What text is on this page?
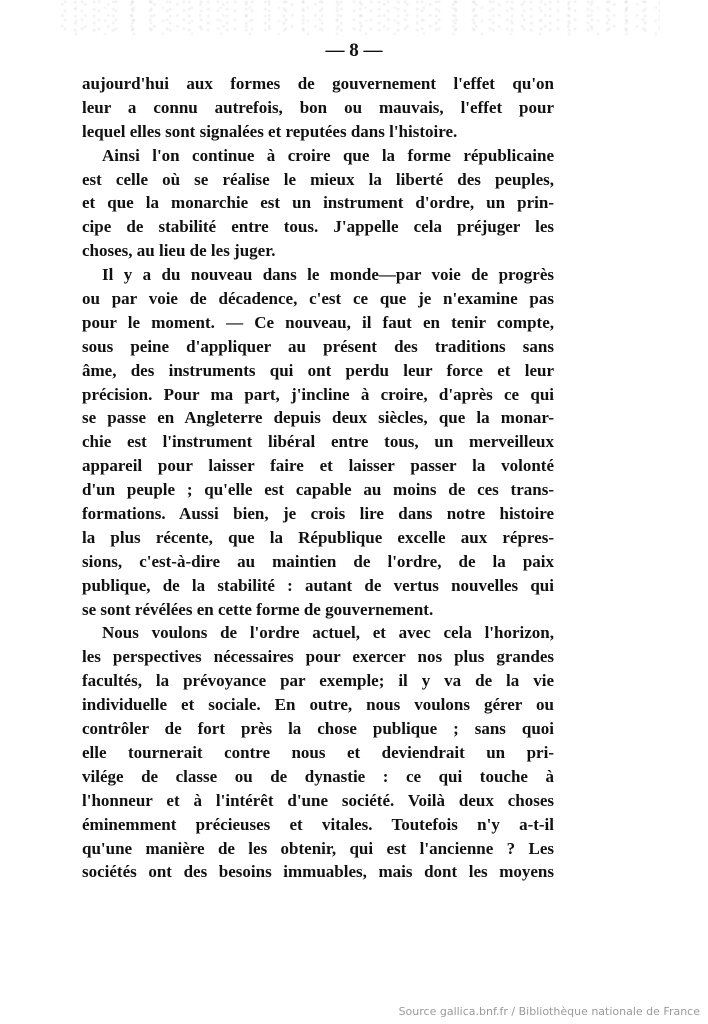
— 8 —
aujourd'hui aux formes de gouvernement l'effet qu'on
leur a connu autrefois, bon ou mauvais, l'effet pour
lequel elles sont signalées et reputées dans l'histoire.
Ainsi l'on continue à croire que la forme républicaine
est celle où se réalise le mieux la liberté des peuples,
et que la monarchie est un instrument d'ordre, un prin-
cipe de stabilité entre tous. J'appelle cela préjuger les
choses, au lieu de les juger.
Il y a du nouveau dans le monde—par voie de progrès
ou par voie de décadence, c'est ce que je n'examine pas
pour le moment. — Ce nouveau, il faut en tenir compte,
sous peine d'appliquer au présent des traditions sans
âme, des instruments qui ont perdu leur force et leur
précision. Pour ma part, j'incline à croire, d'après ce qui
se passe en Angleterre depuis deux siècles, que la monar-
chie est l'instrument libéral entre tous, un merveilleux
appareil pour laisser faire et laisser passer la volonté
d'un peuple ; qu'elle est capable au moins de ces trans-
formations. Aussi bien, je crois lire dans notre histoire
la plus récente, que la République excelle aux répres-
sions, c'est-à-dire au maintien de l'ordre, de la paix
publique, de la stabilité : autant de vertus nouvelles qui
se sont révélées en cette forme de gouvernement.
Nous voulons de l'ordre actuel, et avec cela l'horizon,
les perspectives nécessaires pour exercer nos plus grandes
facultés, la prévoyance par exemple; il y va de la vie
individuelle et sociale. En outre, nous voulons gérer ou
contrôler de fort près la chose publique ; sans quoi
elle tournerait contre nous et deviendrait un pri-
vilége de classe ou de dynastie : ce qui touche à
l'honneur et à l'intérêt d'une société. Voilà deux choses
éminemment précieuses et vitales. Toutefois n'y a-t-il
qu'une manière de les obtenir, qui est l'ancienne ? Les
sociétés ont des besoins immuables, mais dont les moyens
Source gallica.bnf.fr / Bibliothèque nationale de France
